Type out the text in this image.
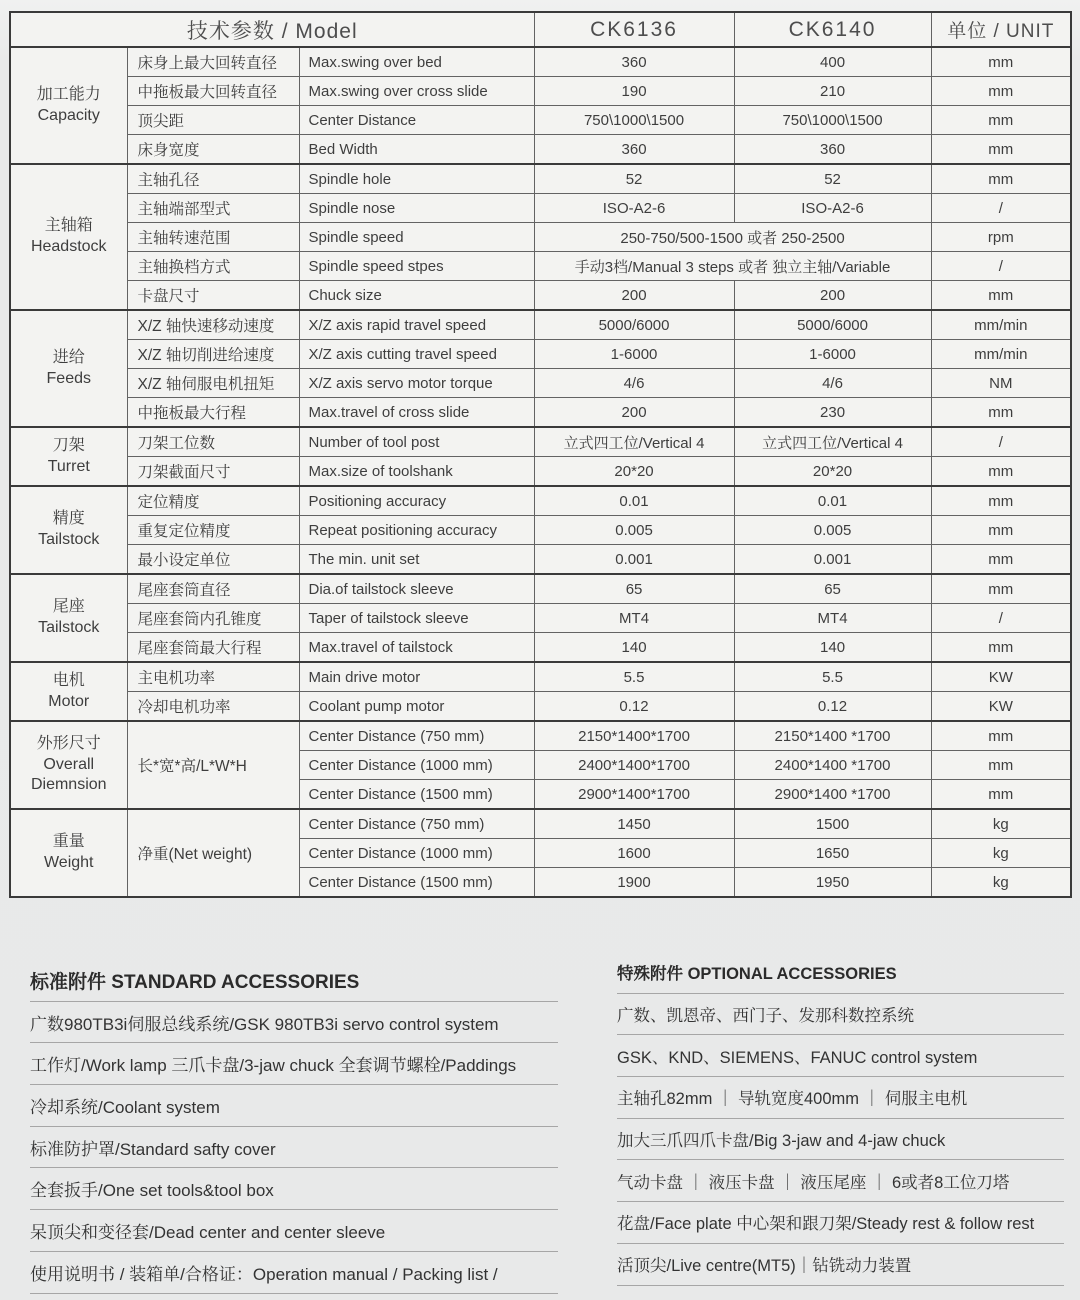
技术参数 / Model			CK6136	CK6140	单位 / UNIT

加工能力
Capacity	床身上最大回转直径	Max.swing over bed	360	400	mm
	中拖板最大回转直径	Max.swing over cross slide	190	210	mm
	顶尖距	Center Distance	750\1000\1500	750\1000\1500	mm
	床身宽度	Bed Width	360	360	mm

主轴箱
Headstock	主轴孔径	Spindle hole	52	52	mm
	主轴端部型式	Spindle nose	ISO-A2-6	ISO-A2-6	/
	主轴转速范围	Spindle speed	250-750/500-1500 或者 250-2500		rpm
	主轴换档方式	Spindle speed stpes	手动3档/Manual 3 steps 或者 独立主轴/Variable		/
	卡盘尺寸	Chuck size	200	200	mm

进给
Feeds	X/Z 轴快速移动速度	X/Z axis rapid travel speed	5000/6000	5000/6000	mm/min
	X/Z 轴切削进给速度	X/Z axis cutting travel speed	1-6000	1-6000	mm/min
	X/Z 轴伺服电机扭矩	X/Z axis servo motor torque	4/6	4/6	NM
	中拖板最大行程	Max.travel of cross slide	200	230	mm

刀架
Turret	刀架工位数	Number of tool post	立式四工位/Vertical 4	立式四工位/Vertical 4	/
	刀架截面尺寸	Max.size of toolshank	20*20	20*20	mm

精度
Tailstock	定位精度	Positioning accuracy	0.01	0.01	mm
	重复定位精度	Repeat positioning accuracy	0.005	0.005	mm
	最小设定单位	The min. unit set	0.001	0.001	mm

尾座
Tailstock	尾座套筒直径	Dia.of tailstock sleeve	65	65	mm
	尾座套筒内孔锥度	Taper of tailstock sleeve	MT4	MT4	/
	尾座套筒最大行程	Max.travel of tailstock	140	140	mm

电机
Motor	主电机功率	Main drive motor	5.5	5.5	KW
	冷却电机功率	Coolant pump motor	0.12	0.12	KW

外形尺寸
Overall
Diemnsion	长*宽*高/L*W*H	Center Distance (750 mm)	2150*1400*1700	2150*1400 *1700	mm
		Center Distance (1000 mm)	2400*1400*1700	2400*1400 *1700	mm
		Center Distance (1500 mm)	2900*1400*1700	2900*1400 *1700	mm

重量
Weight	净重(Net weight)	Center Distance (750 mm)	1450	1500	kg
		Center Distance (1000 mm)	1600	1650	kg
		Center Distance (1500 mm)	1900	1950	kg
标准附件 STANDARD ACCESSORIES
广数980TB3i伺服总线系统/GSK 980TB3i servo control system
工作灯/Work lamp 三爪卡盘/3-jaw chuck 全套调节螺栓/Paddings
冷却系统/Coolant system
标准防护罩/Standard safty cover
全套扳手/One set tools&tool box
呆顶尖和变径套/Dead center and center sleeve
使用说明书 / 装箱单/合格证：Operation manual / Packing list /
特殊附件 OPTIONAL ACCESSORIES
广数、凯恩帝、西门子、发那科数控系统
GSK、KND、SIEMENS、FANUC control system
主轴孔82mm ｜ 导轨宽度400mm ｜ 伺服主电机
加大三爪四爪卡盘/Big 3-jaw and 4-jaw chuck
气动卡盘 ｜ 液压卡盘 ｜ 液压尾座 ｜ 6或者8工位刀塔
花盘/Face plate 中心架和跟刀架/Steady rest & follow rest
活顶尖/Live centre(MT5)｜钻铣动力装置
